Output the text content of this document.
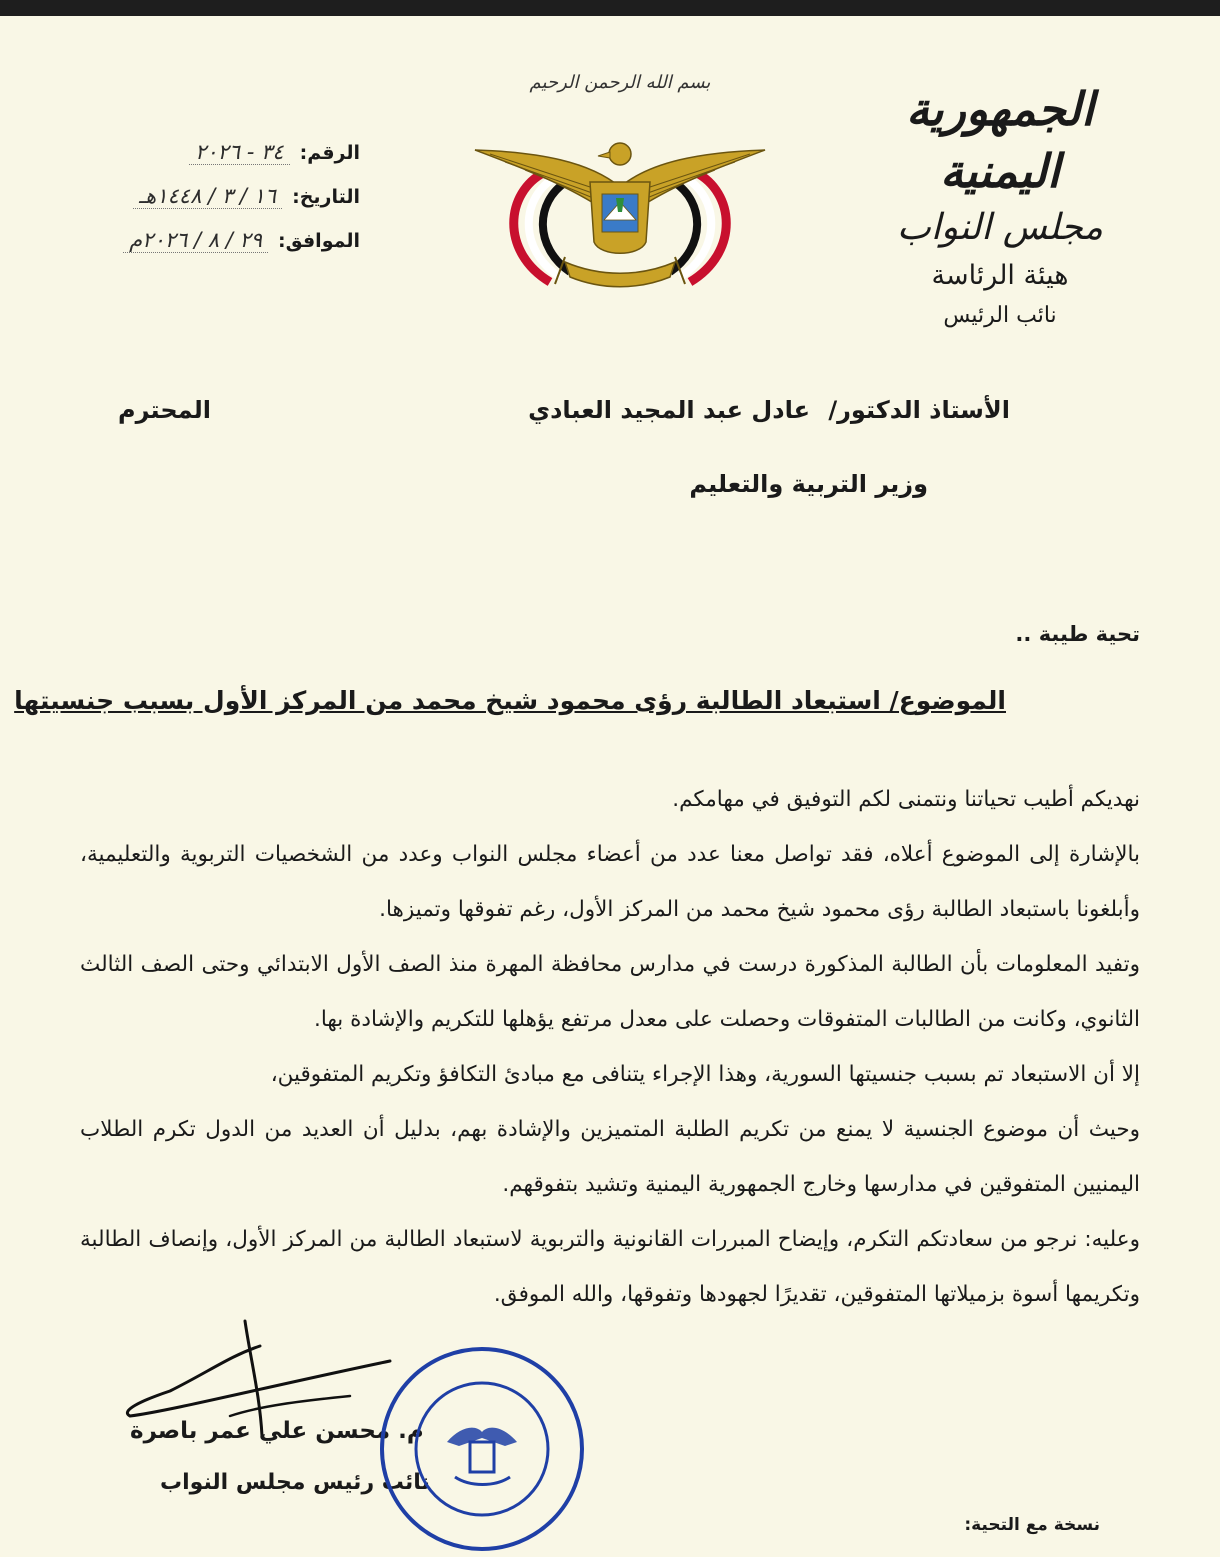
الجمهورية اليمنية
مجلس النواب
هيئة الرئاسة
نائب الرئيس
بسم الله الرحمن الرحيم
الرقم:
٣٤ - ٢٠٢٦
التاريخ:
١٦ / ٣ / ١٤٤٨هـ
الموافق:
٢٩ / ٨ / ٢٠٢٦م
الأستاذ الدكتور/ عادل عبد المجيد العبادي
المحترم
وزير التربية والتعليم
تحية طيبة ..
الموضوع/ استبعاد الطالبة رؤى محمود شيخ محمد من المركز الأول بسبب جنسيتها

نهديكم أطيب تحياتنا ونتمنى لكم التوفيق في مهامكم.

بالإشارة إلى الموضوع أعلاه، فقد تواصل معنا عدد من أعضاء مجلس النواب وعدد من الشخصيات التربوية والتعليمية، وأبلغونا باستبعاد الطالبة رؤى محمود شيخ محمد من المركز الأول، رغم تفوقها وتميزها.

وتفيد المعلومات بأن الطالبة المذكورة درست في مدارس محافظة المهرة منذ الصف الأول الابتدائي وحتى الصف الثالث الثانوي، وكانت من الطالبات المتفوقات وحصلت على معدل مرتفع يؤهلها للتكريم والإشادة بها.

إلا أن الاستبعاد تم بسبب جنسيتها السورية، وهذا الإجراء يتنافى مع مبادئ التكافؤ وتكريم المتفوقين،

وحيث أن موضوع الجنسية لا يمنع من تكريم الطلبة المتميزين والإشادة بهم، بدليل أن العديد من الدول تكرم الطلاب اليمنيين المتفوقين في مدارسها وخارج الجمهورية اليمنية وتشيد بتفوقهم.

وعليه: نرجو من سعادتكم التكرم، وإيضاح المبررات القانونية والتربوية لاستبعاد الطالبة من المركز الأول، وإنصاف الطالبة وتكريمها أسوة بزميلاتها المتفوقين، تقديرًا لجهودها وتفوقها، والله الموفق.

م. محسن علي عمر باصرة
نائب رئيس مجلس النواب
نسخة مع التحية:
